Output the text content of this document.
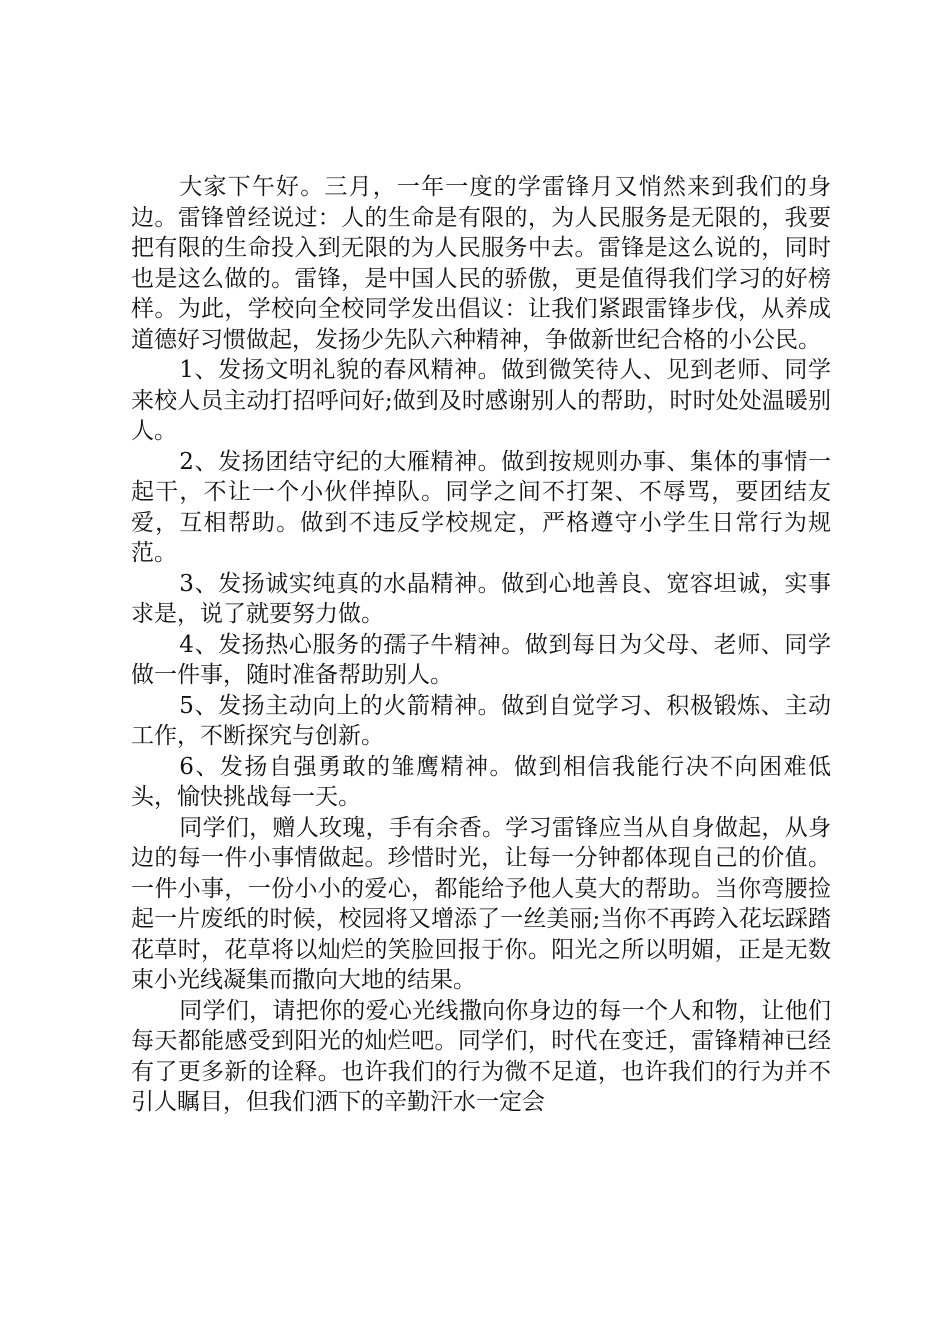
大家下午好。三月，一年一度的学雷锋月又悄然来到我们的身边。雷锋曾经说过：人的生命是有限的，为人民服务是无限的，我要把有限的生命投入到无限的为人民服务中去。雷锋是这么说的，同时也是这么做的。雷锋，是中国人民的骄傲，更是值得我们学习的好榜样。为此，学校向全校同学发出倡议：让我们紧跟雷锋步伐，从养成道德好习惯做起，发扬少先队六种精神，争做新世纪合格的小公民。

1、发扬文明礼貌的春风精神。做到微笑待人、见到老师、同学来校人员主动打招呼问好;做到及时感谢别人的帮助，时时处处温暖别人。

2、发扬团结守纪的大雁精神。做到按规则办事、集体的事情一起干，不让一个小伙伴掉队。同学之间不打架、不辱骂，要团结友爱，互相帮助。做到不违反学校规定，严格遵守小学生日常行为规范。

3、发扬诚实纯真的水晶精神。做到心地善良、宽容坦诚，实事求是，说了就要努力做。

4、发扬热心服务的孺子牛精神。做到每日为父母、老师、同学做一件事，随时准备帮助别人。

5、发扬主动向上的火箭精神。做到自觉学习、积极锻炼、主动工作，不断探究与创新。

6、发扬自强勇敢的雏鹰精神。做到相信我能行决不向困难低头，愉快挑战每一天。

同学们，赠人玫瑰，手有余香。学习雷锋应当从自身做起，从身边的每一件小事情做起。珍惜时光，让每一分钟都体现自己的价值。一件小事，一份小小的爱心，都能给予他人莫大的帮助。当你弯腰捡起一片废纸的时候，校园将又增添了一丝美丽;当你不再跨入花坛踩踏花草时，花草将以灿烂的笑脸回报于你。阳光之所以明媚，正是无数束小光线凝集而撒向大地的结果。

同学们，请把你的爱心光线撒向你身边的每一个人和物，让他们每天都能感受到阳光的灿烂吧。同学们，时代在变迁，雷锋精神已经有了更多新的诠释。也许我们的行为微不足道，也许我们的行为并不引人瞩目，但我们洒下的辛勤汗水一定会
